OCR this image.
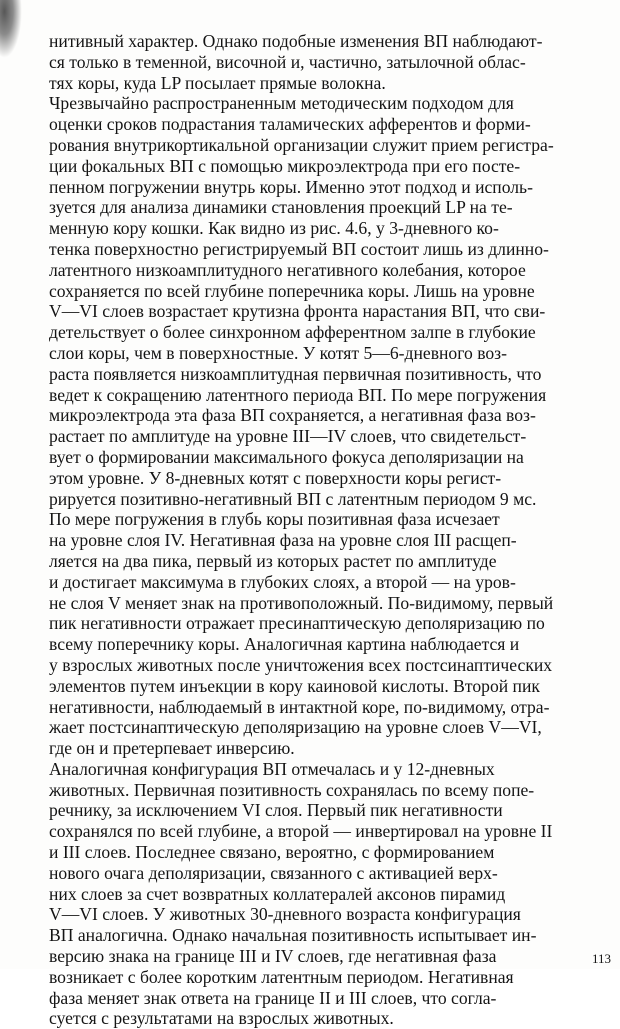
нитивный характер. Однако подобные изменения ВП наблюдают-
ся только в теменной, височной и, частично, затылочной облас-
тях коры, куда LP посылает прямые волокна.
Чрезвычайно распространенным методическим подходом для
оценки сроков подрастания таламических афферентов и форми-
рования внутрикортикальной организации служит прием регистра-
ции фокальных ВП с помощью микроэлектрода при его посте-
пенном погружении внутрь коры. Именно этот подход и исполь-
зуется для анализа динамики становления проекций LP на те-
менную кору кошки. Как видно из рис. 4.6, у 3-дневного ко-
тенка поверхностно регистрируемый ВП состоит лишь из длинно-
латентного низкоамплитудного негативного колебания, которое
сохраняется по всей глубине поперечника коры. Лишь на уровне
V—VI слоев возрастает крутизна фронта нарастания ВП, что сви-
детельствует о более синхронном афферентном залпе в глубокие
слои коры, чем в поверхностные. У котят 5—6-дневного воз-
раста появляется низкоамплитудная первичная позитивность, что
ведет к сокращению латентного периода ВП. По мере погружения
микроэлектрода эта фаза ВП сохраняется, а негативная фаза воз-
растает по амплитуде на уровне III—IV слоев, что свидетельст-
вует о формировании максимального фокуса деполяризации на
этом уровне. У 8-дневных котят с поверхности коры регист-
рируется позитивно-негативный ВП с латентным периодом 9 мс.
По мере погружения в глубь коры позитивная фаза исчезает
на уровне слоя IV. Негативная фаза на уровне слоя III расщеп-
ляется на два пика, первый из которых растет по амплитуде
и достигает максимума в глубоких слоях, а второй — на уров-
не слоя V меняет знак на противоположный. По-видимому, первый
пик негативности отражает пресинаптическую деполяризацию по
всему поперечнику коры. Аналогичная картина наблюдается и
у взрослых животных после уничтожения всех постсинаптических
элементов путем инъекции в кору каиновой кислоты. Второй пик
негативности, наблюдаемый в интактной коре, по-видимому, отра-
жает постсинаптическую деполяризацию на уровне слоев V—VI,
где он и претерпевает инверсию.
Аналогичная конфигурация ВП отмечалась и у 12-дневных
животных. Первичная позитивность сохранялась по всему попе-
речнику, за исключением VI слоя. Первый пик негативности
сохранялся по всей глубине, а второй — инвертировал на уровне II
и III слоев. Последнее связано, вероятно, с формированием
нового очага деполяризации, связанного с активацией верх-
них слоев за счет возвратных коллатералей аксонов пирамид
V—VI слоев. У животных 30-дневного возраста конфигурация
ВП аналогична. Однако начальная позитивность испытывает ин-
версию знака на границе III и IV слоев, где негативная фаза
возникает с более коротким латентным периодом. Негативная
фаза меняет знак ответа на границе II и III слоев, что согла-
суется с результатами на взрослых животных.
113
